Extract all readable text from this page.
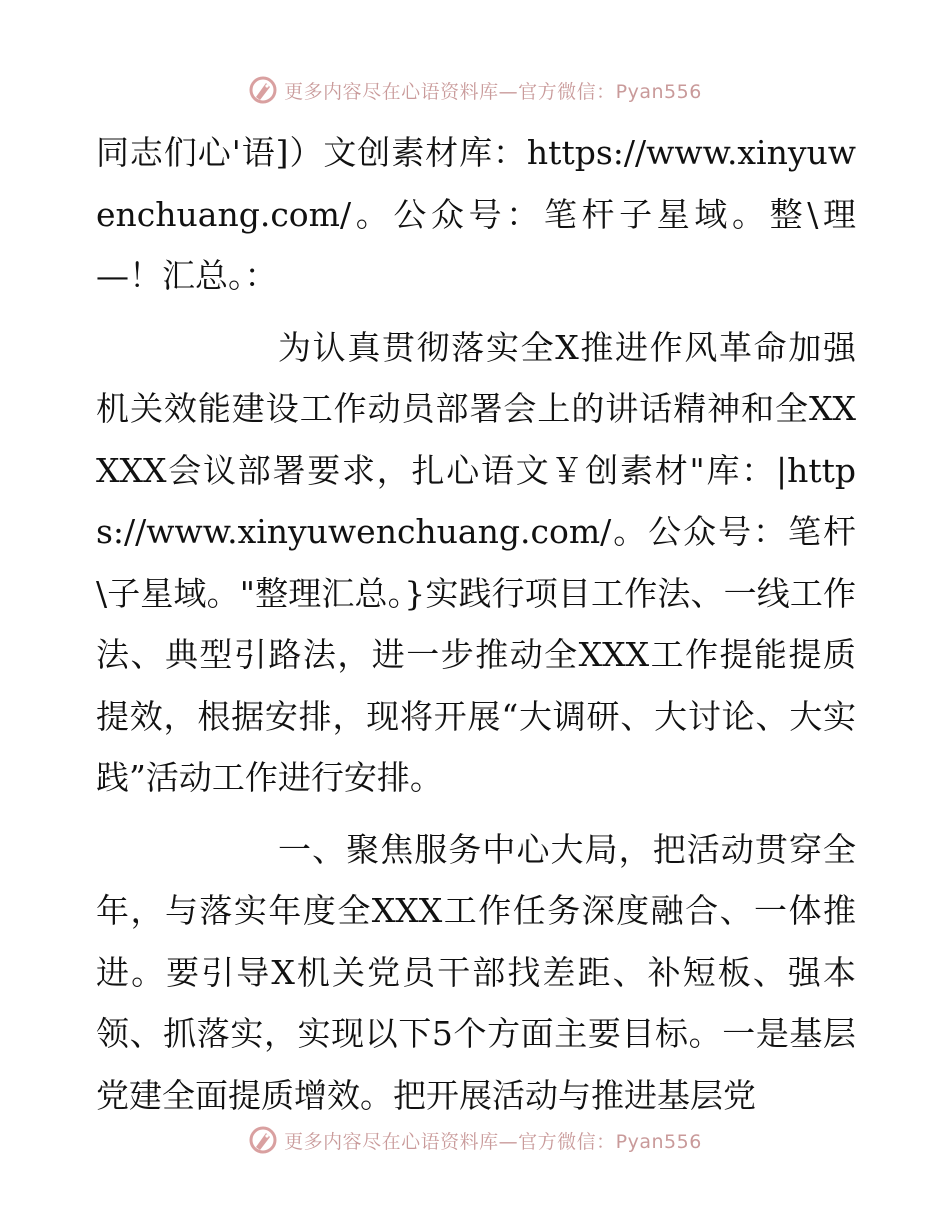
更多内容尽在心语资料库—官方微信：Pyan556

同志们心'语]）文创素材库：https://www.xinyuwenchuang.com/。公众号：笔杆子星域。整\理—！汇总。：

为认真贯彻落实全X推进作风革命加强机关效能建设工作动员部署会上的讲话精神和全XXXXX会议部署要求，扎心语文￥创素材"库：|https://www.xinyuwenchuang.com/。公众号：笔杆\子星域。"整理汇总。}实践行项目工作法、一线工作法、典型引路法，进一步推动全XXX工作提能提质提效，根据安排，现将开展“大调研、大讨论、大实践”活动工作进行安排。

一、聚焦服务中心大局，把活动贯穿全年，与落实年度全XXX工作任务深度融合、一体推进。要引导X机关党员干部找差距、补短板、强本领、抓落实，实现以下5个方面主要目标。一是基层党建全面提质增效。把开展活动与推进基层党

更多内容尽在心语资料库—官方微信：Pyan556
